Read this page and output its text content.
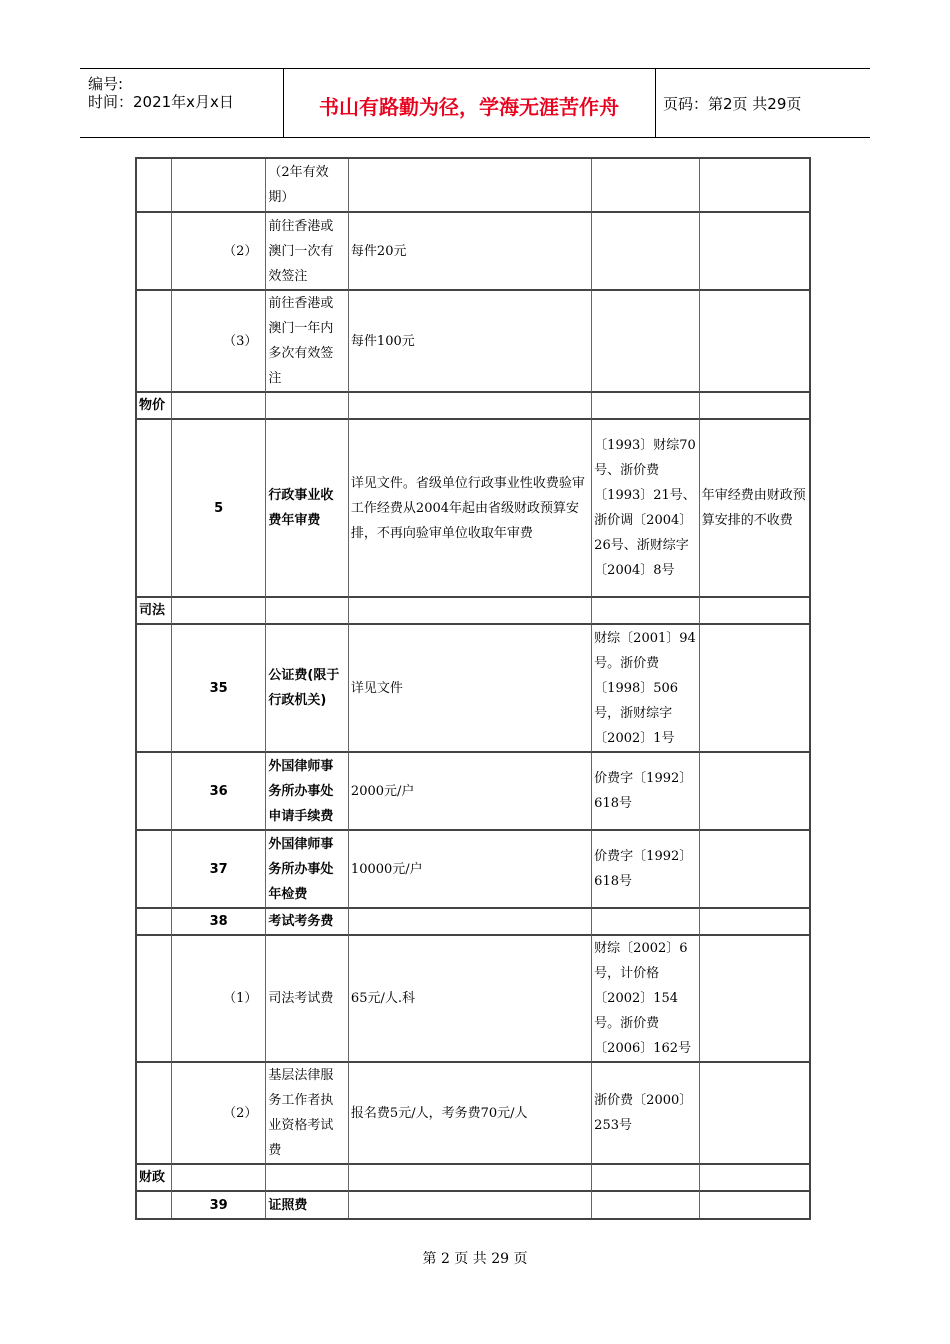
编号:
时间：2021年x月x日	书山有路勤为径，学海无涯苦作舟	页码：第2页 共29页
		（2年有效期）			
	（2）	前往香港或澳门一次有效签注	每件20元		
	（3）	前往香港或澳门一年内多次有效签注	每件100元		
物价					
	5	行政事业收费年审费	详见文件。省级单位行政事业性收费验审工作经费从2004年起由省级财政预算安排，不再向验审单位收取年审费	〔1993〕财综70号、浙价费〔1993〕21号、浙价调〔2004〕26号、浙财综字〔2004〕8号	年审经费由财政预算安排的不收费
司法					
	35	公证费(限于行政机关)	详见文件	财综〔2001〕94号。浙价费〔1998〕506号，浙财综字〔2002〕1号	
	36	外国律师事务所办事处申请手续费	2000元/户	价费字〔1992〕618号	
	37	外国律师事务所办事处年检费	10000元/户	价费字〔1992〕618号	
	38	考试考务费			
	（1）	司法考试费	65元/人.科	财综〔2002〕6号，计价格〔2002〕154号。浙价费〔2006〕162号	
	（2）	基层法律服务工作者执业资格考试费	报名费5元/人，考务费70元/人	浙价费〔2000〕253号	
财政					
	39	证照费			
第 2 页 共 29 页
